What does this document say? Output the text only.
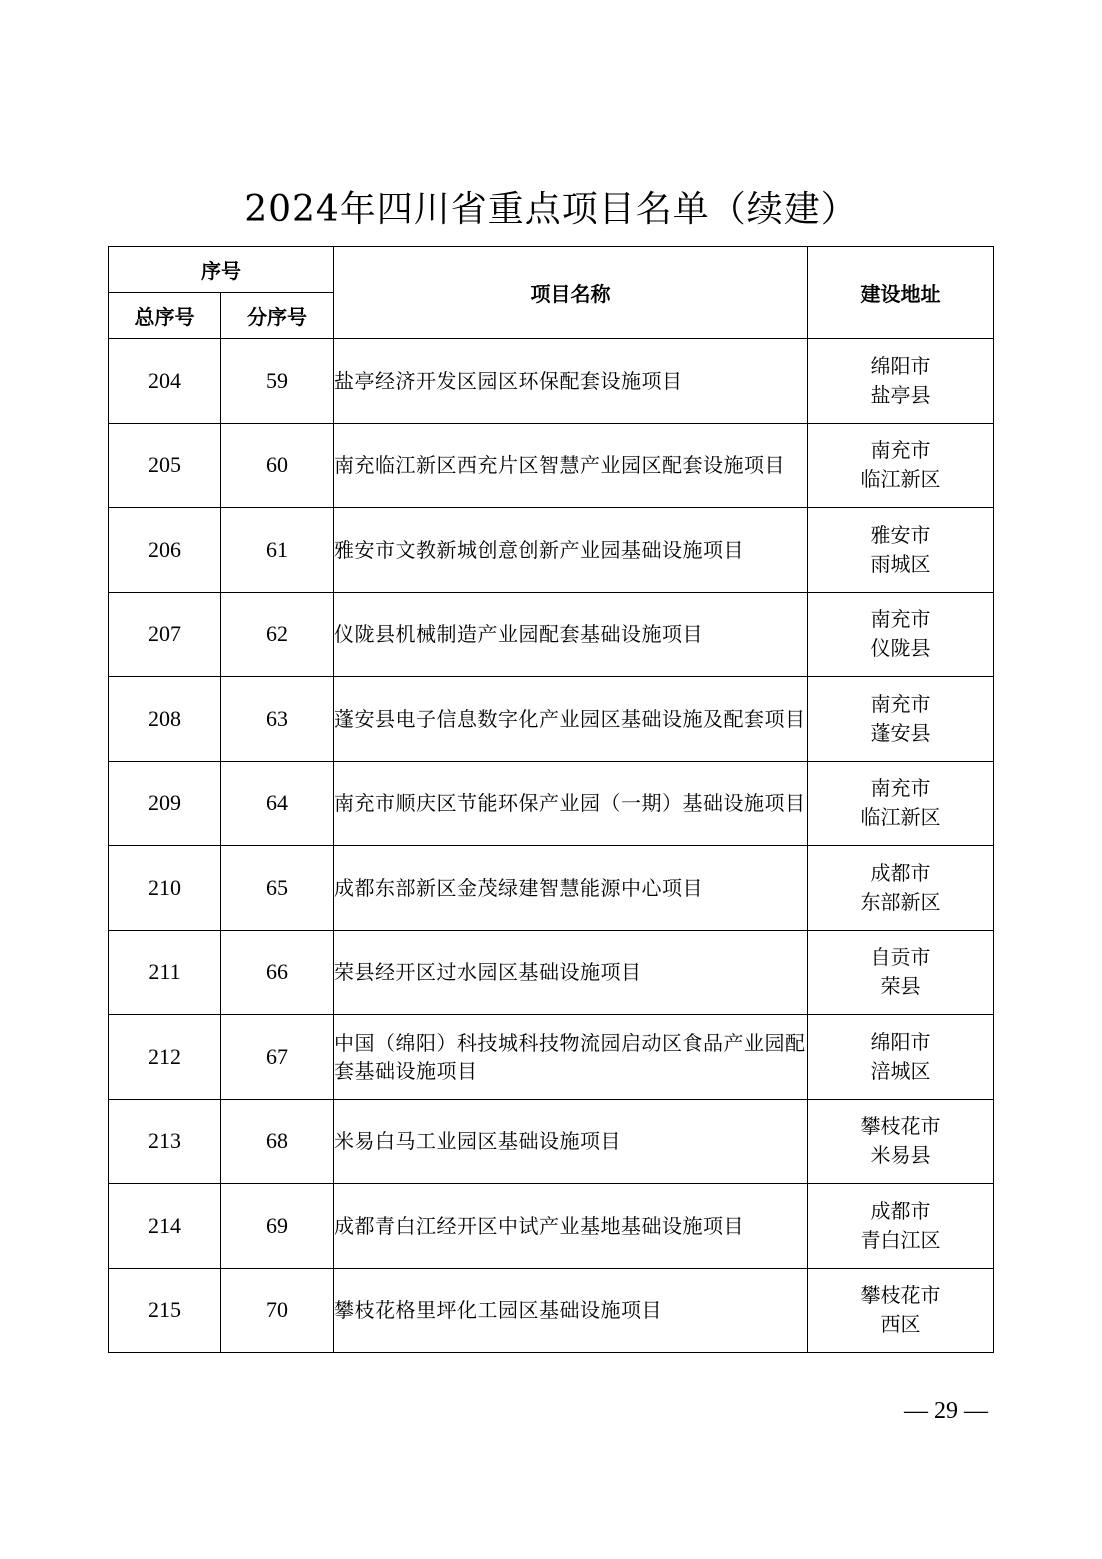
2024年四川省重点项目名单（续建）
序号		项目名称	建设地址
总序号	分序号		
204	59	盐亭经济开发区园区环保配套设施项目	绵阳市
盐亭县

205	60	南充临江新区西充片区智慧产业园区配套设施项目	南充市
临江新区

206	61	雅安市文教新城创意创新产业园基础设施项目	雅安市
雨城区

207	62	仪陇县机械制造产业园配套基础设施项目	南充市
仪陇县

208	63	蓬安县电子信息数字化产业园区基础设施及配套项目	南充市
蓬安县

209	64	南充市顺庆区节能环保产业园（一期）基础设施项目	南充市
临江新区

210	65	成都东部新区金茂绿建智慧能源中心项目	成都市
东部新区

211	66	荣县经开区过水园区基础设施项目	自贡市
荣县

212	67	中国（绵阳）科技城科技物流园启动区食品产业园配套基础设施项目	绵阳市
涪城区

213	68	米易白马工业园区基础设施项目	攀枝花市
米易县

214	69	成都青白江经开区中试产业基地基础设施项目	成都市
青白江区

215	70	攀枝花格里坪化工园区基础设施项目	攀枝花市
西区
— 29 —
